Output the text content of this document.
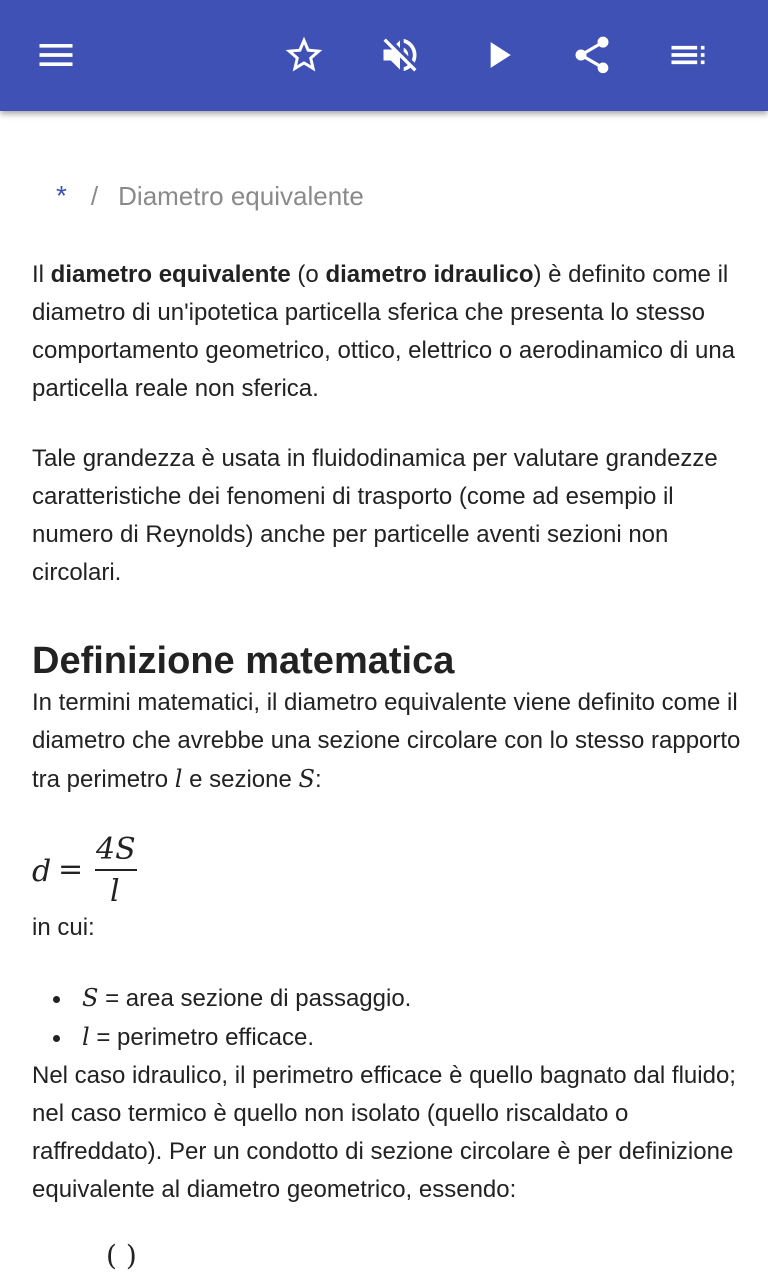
* / Diametro equivalente

Il diametro equivalente (o diametro idraulico) è definito come il diametro di un'ipotetica particella sferica che presenta lo stesso comportamento geometrico, ottico, elettrico o aerodinamico di una particella reale non sferica.

Tale grandezza è usata in fluidodinamica per valutare grandezze caratteristiche dei fenomeni di trasporto (come ad esempio il numero di Reynolds) anche per particelle aventi sezioni non circolari.

Definizione matematica

In termini matematici, il diametro equivalente viene definito come il diametro che avrebbe una sezione circolare con lo stesso rapporto tra perimetro l e sezione S:

d =
4S
l

in cui:

S = area sezione di passaggio.
l = perimetro efficace.

Nel caso idraulico, il perimetro efficace è quello bagnato dal fluido; nel caso termico è quello non isolato (quello riscaldato o raffreddato). Per un condotto di sezione circolare è per definizione equivalente al diametro geometrico, essendo:

( )
